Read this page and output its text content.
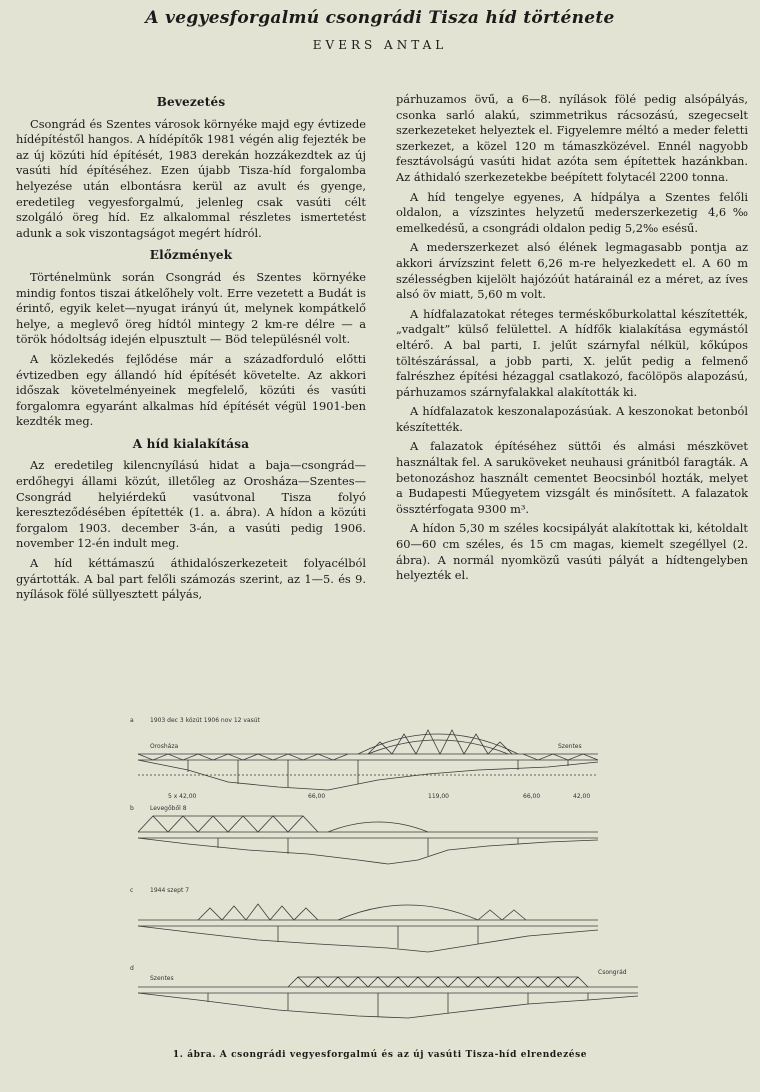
A vegyesforgalmú csongrádi Tisza híd története
EVERS ANTAL
Bevezetés

Csongrád és Szentes városok környéke majd egy évtizede hídépítéstől hangos. A hídépítők 1981 végén alig fejezték be az új közúti híd építését, 1983 derekán hozzákezdtek az új vasúti híd építéséhez. Ezen újabb Tisza-híd forgalomba helyezése után elbontásra kerül az avult és gyenge, eredetileg vegyesforgalmú, jelenleg csak vasúti célt szolgáló öreg híd. Ez alkalommal részletes ismertetést adunk a sok viszontagságot megért hídról.

Előzmények

Történelmünk során Csongrád és Szentes környéke mindig fontos tiszai átkelőhely volt. Erre vezetett a Budát is érintő, egyik kelet—nyugat irányú út, melynek kompátkelő helye, a meglevő öreg hídtól mintegy 2 km-re délre — a török hódoltság idején elpusztult — Böd településnél volt.

A közlekedés fejlődése már a századforduló előtti évtizedben egy állandó híd építését követelte. Az akkori időszak követelményeinek megfelelő, közúti és vasúti forgalomra egyaránt alkalmas híd építését végül 1901-ben kezdték meg.

A híd kialakítása

Az eredetileg kilencnyílású hidat a baja—csongrád—erdőhegyi állami közút, illetőleg az Orosháza—Szentes—Csongrád helyiérdekű vasútvonal Tisza folyó kereszteződésében építették (1. a. ábra). A hídon a közúti forgalom 1903. december 3-án, a vasúti pedig 1906. november 12-én indult meg.

A híd kéttámaszú áthidalószerkezeteit folyacélból gyártották. A bal part felőli számozás szerint, az 1—5. és 9. nyílások fölé süllyesztett pályás,

párhuzamos övű, a 6—8. nyílások fölé pedig alsópályás, csonka sarló alakú, szimmetrikus rácsozású, szegecselt szerkezeteket helyeztek el. Figyelemre méltó a meder feletti szerkezet, a közel 120 m támaszközével. Ennél nagyobb fesztávolságú vasúti hidat azóta sem építettek hazánkban. Az áthidaló szerkezetekbe beépített folytacél 2200 tonna.

A híd tengelye egyenes, A hídpálya a Szentes felőli oldalon, a vízszintes helyzetű mederszerkezetig 4,6‰ emelkedésű, a csongrádi oldalon pedig 5,2‰ esésű.

A mederszerkezet alsó élének legmagasabb pontja az akkori árvízszint felett 6,26 m-re helyezkedett el. A 60 m szélességben kijelölt hajózóút határainál ez a méret, az íves alsó öv miatt, 5,60 m volt.

A hídfalazatokat réteges terméskőburkolattal készítették, „vadgalt” külső felülettel. A hídfők kialakítása egymástól eltérő. A bal parti, I. jelűt szárnyfal nélkül, kőkúpos töltészárással, a jobb parti, X. jelűt pedig a felmenő falrészhez építési hézaggal csatlakozó, facölöpös alapozású, párhuzamos szárnyfalakkal alakították ki.

A hídfalazatok keszonalapozásúak. A keszonokat betonból készítették.

A falazatok építéséhez süttői és almási mészkövet használtak fel. A saruköveket neuhausi gránitból faragták. A betonozáshoz használt cementet Beocsinból hozták, melyet a Budapesti Műegyetem vizsgált és minősített. A falazatok össztérfogata 9300 m³.

A hídon 5,30 m széles kocsipályát alakítottak ki, kétoldalt 60—60 cm széles, és 15 cm magas, kiemelt szegéllyel (2. ábra). A normál nyomközű vasúti pályát a hídtengelyben helyezték el.

a	1903 dec 3 közút 1906 nov 12 vasút
Orosháza	Szentes
5 x 42,00	66,00	119,00	66,00	42,00
b	Levegőből 8
c	1944 szept 7
d
Szentes
Csongrád
1. ábra. A csongrádi vegyesforgalmú és az új vasúti Tisza-híd elrendezése
